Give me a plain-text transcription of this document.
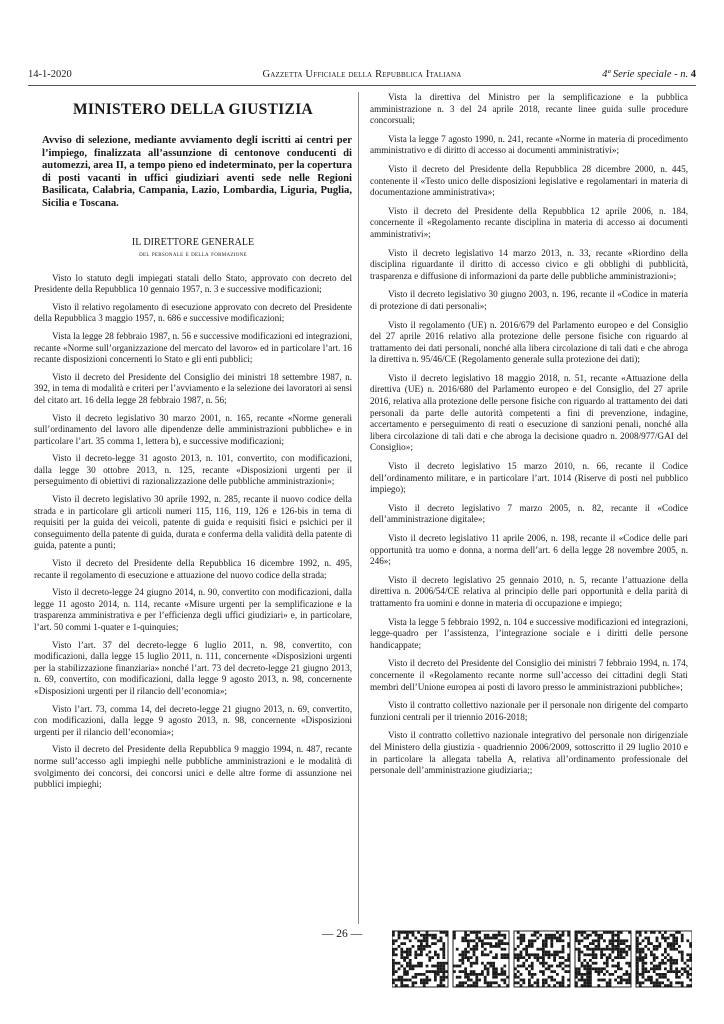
14-1-2020	Gazzetta Ufficiale della Repubblica Italiana	4ª Serie speciale - n. 4
MINISTERO DELLA GIUSTIZIA
Avviso di selezione, mediante avviamento degli iscritti ai centri per l’impiego, finalizzata all’assunzione di centonove conducenti di automezzi, area II, a tempo pieno ed indeterminato, per la copertura di posti vacanti in uffici giudiziari aventi sede nelle Regioni Basilicata, Calabria, Campania, Lazio, Lombardia, Liguria, Puglia, Sicilia e Toscana.
IL DIRETTORE GENERALE
del personale e della formazione

Visto lo statuto degli impiegati statali dello Stato, approvato con decreto del Presidente della Repubblica 10 gennaio 1957, n. 3 e successive modificazioni;

Visto il relativo regolamento di esecuzione approvato con decreto del Presidente della Repubblica 3 maggio 1957, n. 686 e successive modificazioni;

Vista la legge 28 febbraio 1987, n. 56 e successive modificazioni ed integrazioni, recante «Norme sull’organizzazione del mercato del lavoro» ed in particolare l’art. 16 recante disposizioni concernenti lo Stato e gli enti pubblici;

Visto il decreto del Presidente del Consiglio dei ministri 18 settembre 1987, n. 392, in tema di modalità e criteri per l’avviamento e la selezione dei lavoratori ai sensi del citato art. 16 della legge 28 febbraio 1987, n. 56;

Visto il decreto legislativo 30 marzo 2001, n. 165, recante «Norme generali sull’ordinamento del lavoro alle dipendenze delle amministrazioni pubbliche» e in particolare l’art. 35 comma 1, lettera b), e successive modificazioni;

Visto il decreto-legge 31 agosto 2013, n. 101, convertito, con modificazioni, dalla legge 30 ottobre 2013, n. 125, recante «Disposizioni urgenti per il perseguimento di obiettivi di razionalizzazione delle pubbliche amministrazioni»;

Visto il decreto legislativo 30 aprile 1992, n. 285, recante il nuovo codice della strada e in particolare gli articoli numeri 115, 116, 119, 126 e 126-bis in tema di requisiti per la guida dei veicoli, patente di guida e requisiti fisici e psichici per il conseguimento della patente di guida, durata e conferma della validità della patente di guida, patente a punti;

Visto il decreto del Presidente della Repubblica 16 dicembre 1992, n. 495, recante il regolamento di esecuzione e attuazione del nuovo codice della strada;

Visto il decreto-legge 24 giugno 2014, n. 90, convertito con modificazioni, dalla legge 11 agosto 2014, n. 114, recante «Misure urgenti per la semplificazione e la trasparenza amministrativa e per l’efficienza degli uffici giudiziari» e, in particolare, l’art. 50 commi 1-quater e 1-quinquies;

Visto l’art. 37 del decreto-legge 6 luglio 2011, n. 98, convertito, con modificazioni, dalla legge 15 luglio 2011, n. 111, concernente «Disposizioni urgenti per la stabilizzazione finanziaria» nonché l’art. 73 del decreto-legge 21 giugno 2013, n. 69, convertito, con modificazioni, dalla legge 9 agosto 2013, n. 98, concernente «Disposizioni urgenti per il rilancio dell’economia»;

Visto l’art. 73, comma 14, del decreto-legge 21 giugno 2013, n. 69, convertito, con modificazioni, dalla legge 9 agosto 2013, n. 98, concernente «Disposizioni urgenti per il rilancio dell’economia»;

Visto il decreto del Presidente della Repubblica 9 maggio 1994, n. 487, recante norme sull’accesso agli impieghi nelle pubbliche amministrazioni e le modalità di svolgimento dei concorsi, dei concorsi unici e delle altre forme di assunzione nei pubblici impieghi;

Vista la direttiva del Ministro per la semplificazione e la pubblica amministrazione n. 3 del 24 aprile 2018, recante linee guida sulle procedure concorsuali;

Vista la legge 7 agosto 1990, n. 241, recante «Norme in materia di procedimento amministrativo e di diritto di accesso ai documenti amministrativi»;

Visto il decreto del Presidente della Repubblica 28 dicembre 2000, n. 445, contenente il «Testo unico delle disposizioni legislative e regolamentari in materia di documentazione amministrativa»;

Visto il decreto del Presidente della Repubblica 12 aprile 2006, n. 184, concernente il «Regolamento recante disciplina in materia di accesso ai documenti amministrativi»;

Visto il decreto legislativo 14 marzo 2013, n. 33, recante «Riordino della disciplina riguardante il diritto di accesso civico e gli obblighi di pubblicità, trasparenza e diffusione di informazioni da parte delle pubbliche amministrazioni»;

Visto il decreto legislativo 30 giugno 2003, n. 196, recante il «Codice in materia di protezione di dati personali»;

Visto il regolamento (UE) n. 2016/679 del Parlamento europeo e del Consiglio del 27 aprile 2016 relativo alla protezione delle persone fisiche con riguardo al trattamento dei dati personali, nonché alla libera circolazione di tali dati e che abroga la direttiva n. 95/46/CE (Regolamento generale sulla protezione dei dati);

Visto il decreto legislativo 18 maggio 2018, n. 51, recante «Attuazione della direttiva (UE) n. 2016/680 del Parlamento europeo e del Consiglio, del 27 aprile 2016, relativa alla protezione delle persone fisiche con riguardo al trattamento dei dati personali da parte delle autorità competenti a fini di prevenzione, indagine, accertamento e perseguimento di reati o esecuzione di sanzioni penali, nonché alla libera circolazione di tali dati e che abroga la decisione quadro n. 2008/977/GAI del Consiglio»;

Visto il decreto legislativo 15 marzo 2010, n. 66, recante il Codice dell’ordinamento militare, e in particolare l’art. 1014 (Riserve di posti nel pubblico impiego);

Visto il decreto legislativo 7 marzo 2005, n. 82, recante il «Codice dell’amministrazione digitale»;

Visto il decreto legislativo 11 aprile 2006, n. 198, recante il «Codice delle pari opportunità tra uomo e donna, a norma dell’art. 6 della legge 28 novembre 2005, n. 246»;

Visto il decreto legislativo 25 gennaio 2010, n. 5, recante l’attuazione della direttiva n. 2006/54/CE relativa al principio delle pari opportunità e della parità di trattamento fra uomini e donne in materia di occupazione e impiego;

Vista la legge 5 febbraio 1992, n. 104 e successive modificazioni ed integrazioni, legge-quadro per l’assistenza, l’integrazione sociale e i diritti delle persone handicappate;

Visto il decreto del Presidente del Consiglio dei ministri 7 febbraio 1994, n. 174, concernente il «Regolamento recante norme sull’accesso dei cittadini degli Stati membri dell’Unione europea ai posti di lavoro presso le amministrazioni pubbliche»;

Visto il contratto collettivo nazionale per il personale non dirigente del comparto funzioni centrali per il triennio 2016-2018;

Visto il contratto collettivo nazionale integrativo del personale non dirigenziale del Ministero della giustizia - quadriennio 2006/2009, sottoscritto il 29 luglio 2010 e in particolare la allegata tabella A, relativa all’ordinamento professionale del personale dell’amministrazione giudiziaria;;

— 26 —
